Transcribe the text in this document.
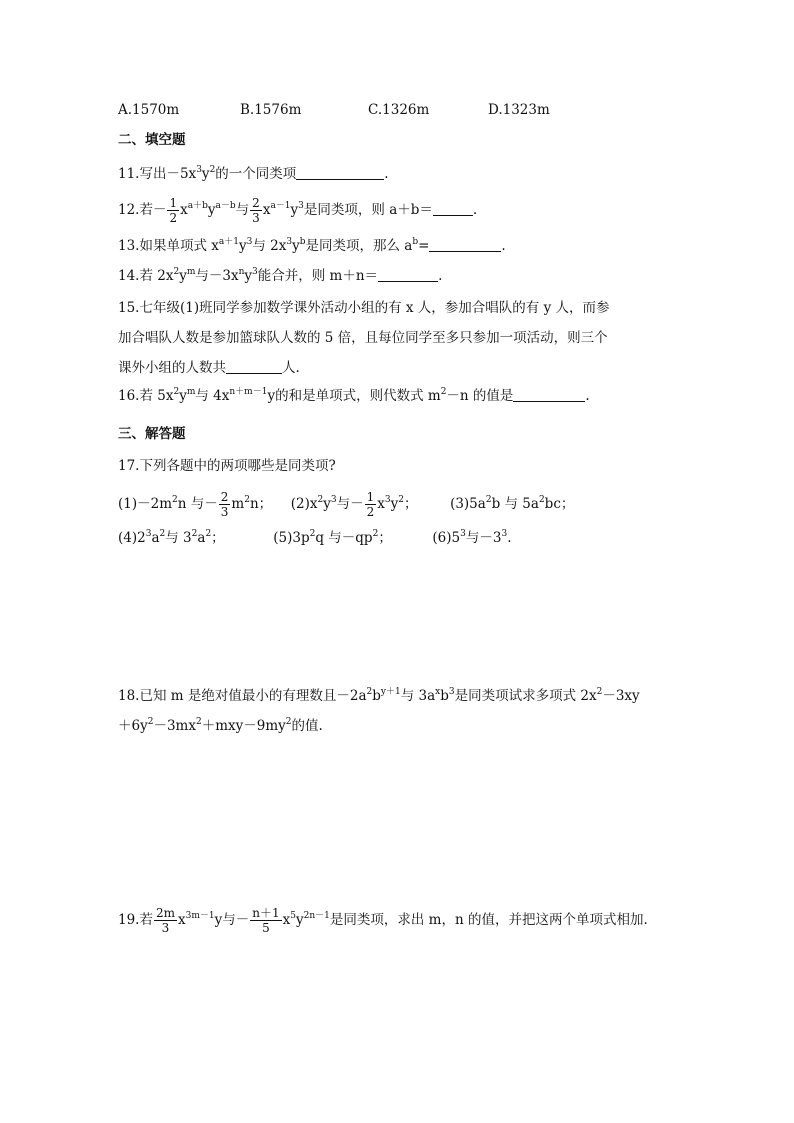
A.1570m	B.1576m	C.1326m	D.1323m
二、填空题
11.写出$-5x^3y^2$的一个同类项	.
12.若－ $\frac{1}{2} x^{a+b}y^{a-b}$与 $\frac{2}{3} x^{a-1}y^3$是同类项，则 a＋b＝	.
13.如果单项式 $x^{a+1}y^3$与 $2x^3y^b$是同类项，那么 $a^b=$	.
14.若 $2x^2y^m$与$-3x^ny^3$能合并，则 m＋n＝	.
15.七年级(1)班同学参加数学课外活动小组的有 x 人，参加合唱队的有 y 人，而参
加合唱队人数是参加篮球队人数的 5 倍，且每位同学至多只参加一项活动，则三个
课外小组的人数共	人.
16.若 $5x^2y^m$与 $4x^{n+m-1}y$的和是单项式，则代数式 $m^2-n$ 的值是	.
三、解答题
17.下列各题中的两项哪些是同类项?
$(1)-2m^2n$ 与－ $\frac{2}{3} m^2n$； $(2)x^2y^3$与－ $\frac{1}{2} x^3y^2$； $(3)5a^2b$ 与 $5a^2bc$；
$(4)2^3a^2$与 $3^2a^2$；	$(5)3p^2q$ 与$-qp^2$；	$(6)5^3$与$-3^3$.
18.已知 m 是绝对值最小的有理数且$-2a^2b^{y+1}$与 $3a^xb^3$是同类项试求多项式 $2x^2-3xy$
$+6y^2-3mx^2+mxy-9my^2$的值.
19.若 $\frac{2m}{3} x^{3m-1}y$与－ $\frac{n+1}{5} x^5y^{2n-1}$是同类项，求出 m，n 的值，并把这两个单项式相加.
